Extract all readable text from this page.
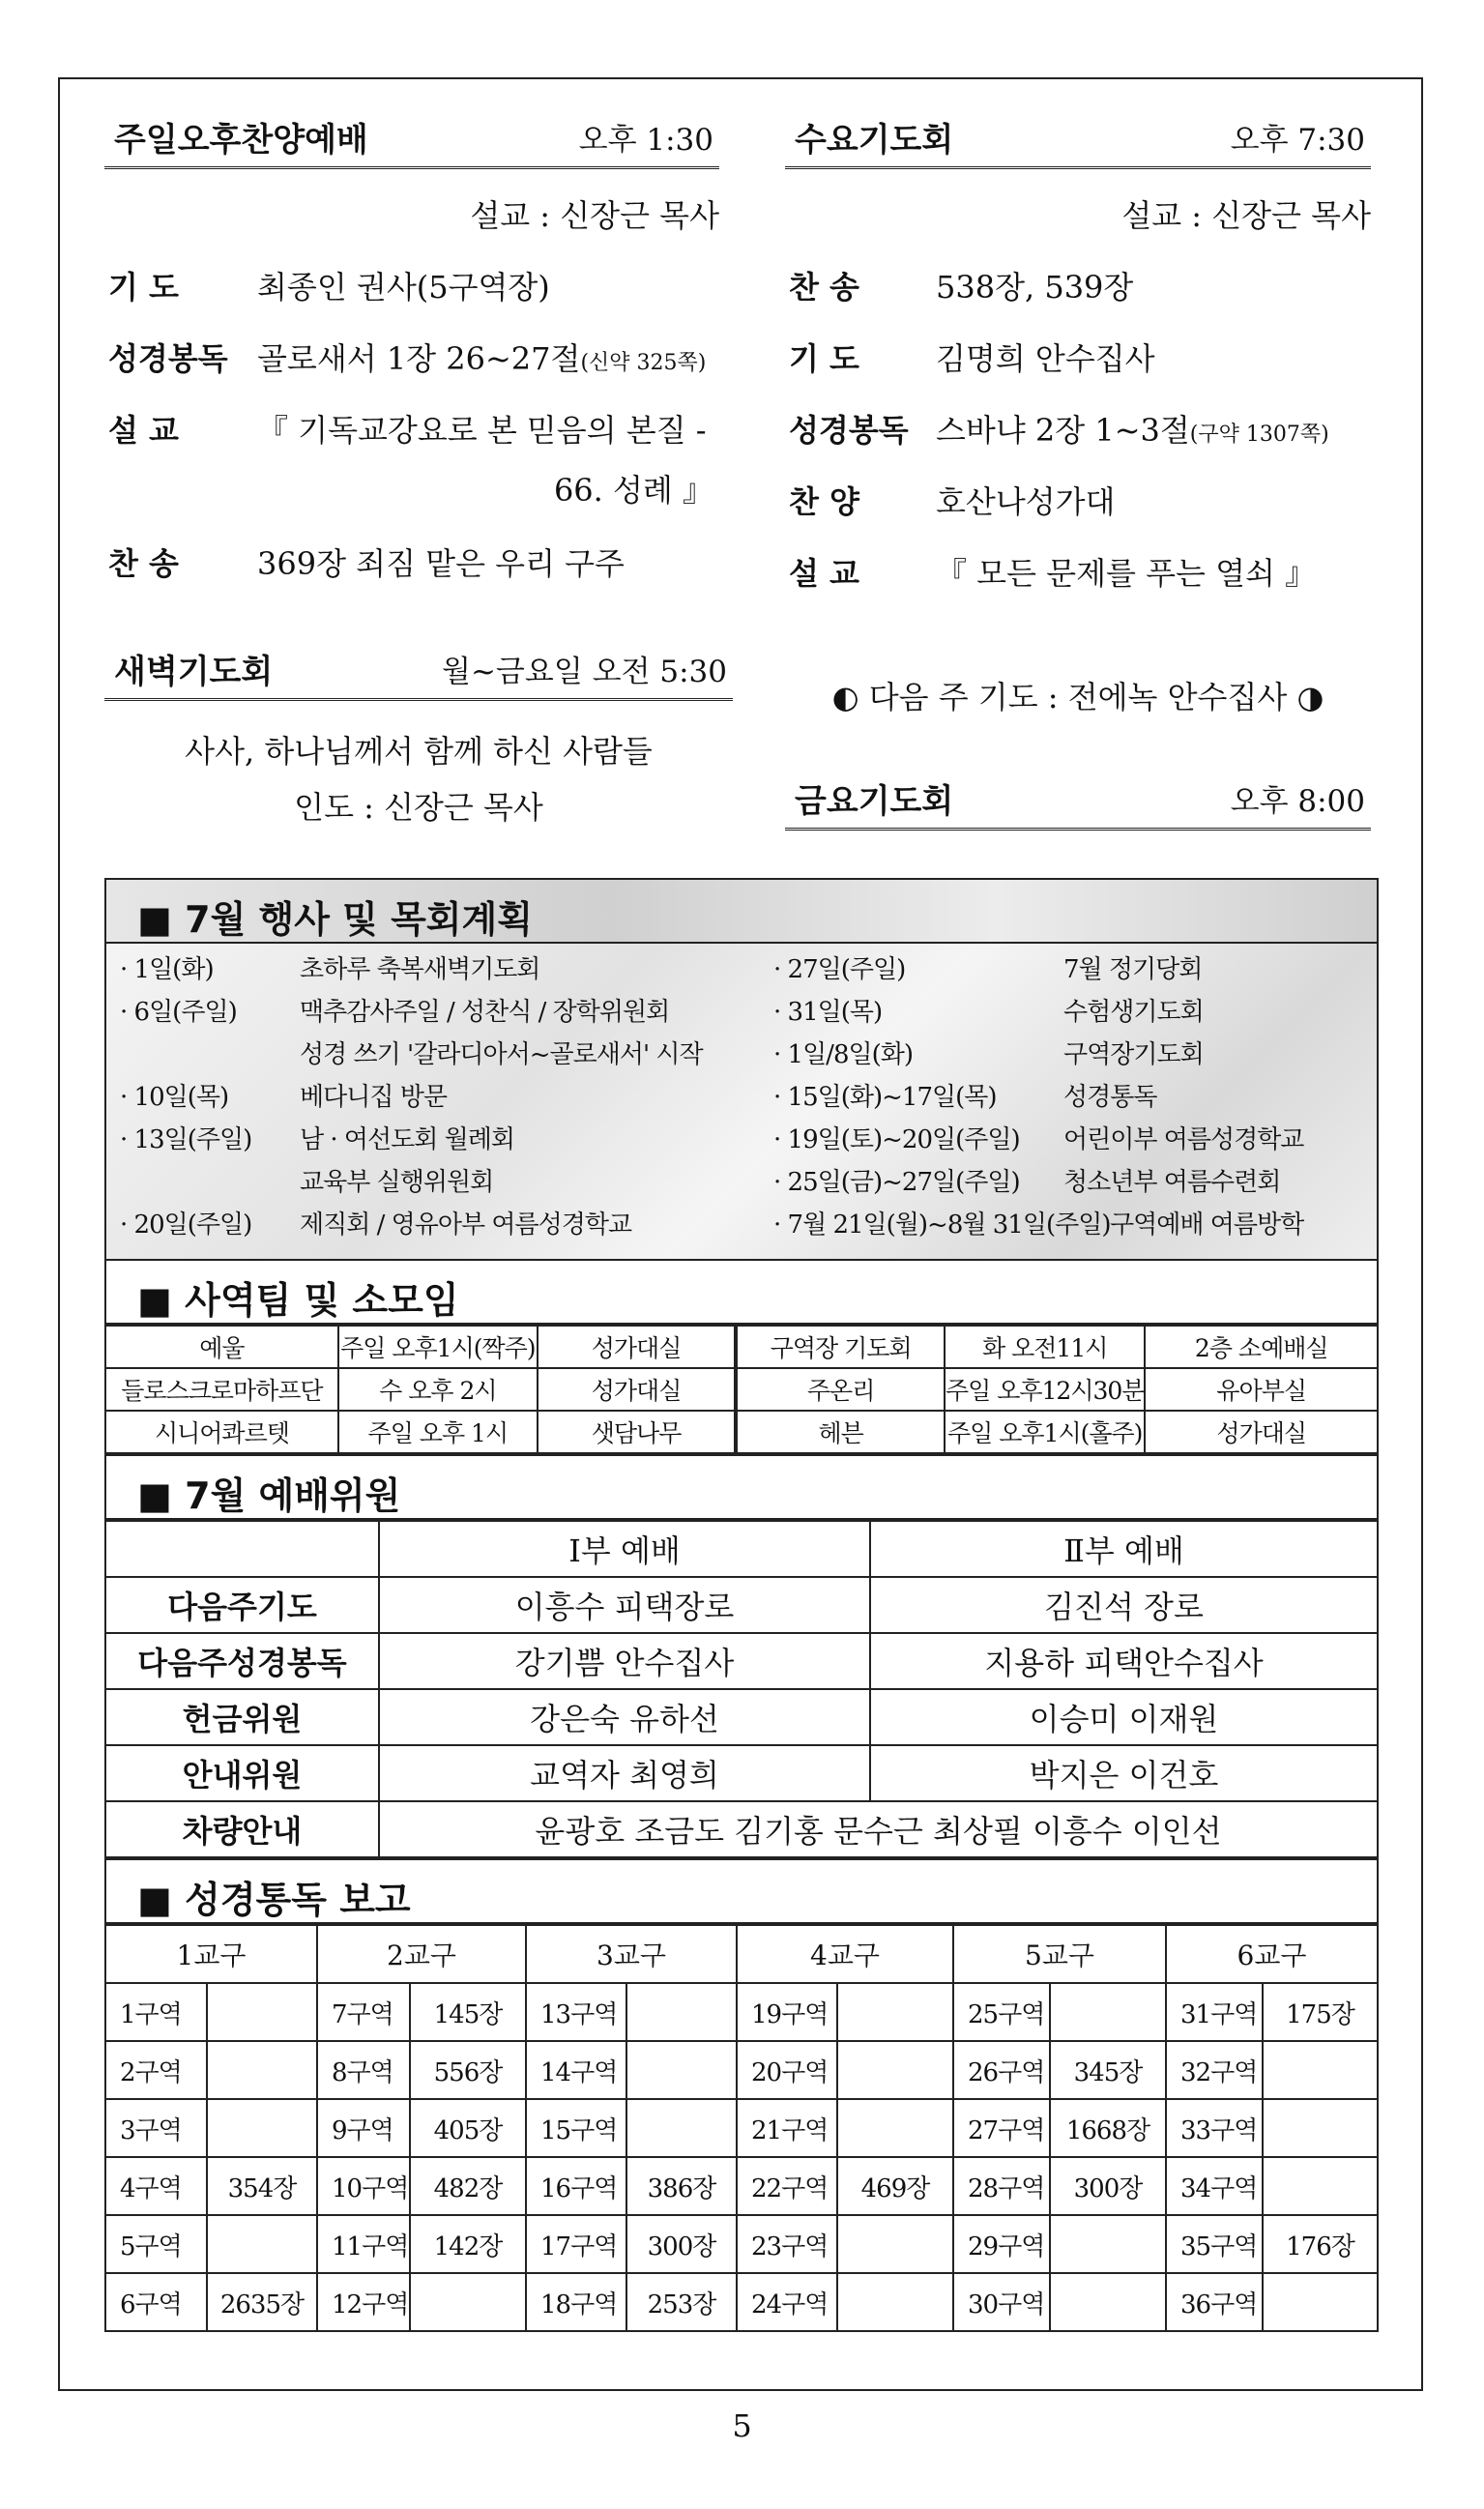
주일오후찬양예배	오후 1:30
설교 : 신장근 목사
기 도	최종인 권사(5구역장)
성경봉독 골로새서 1장 26~27절(신약 325쪽)
설 교	『 기독교강요로 본 믿음의 본질 -
66. 성례 』
찬 송	369장 죄짐 맡은 우리 구주
수요기도회	오후 7:30
설교 : 신장근 목사
찬 송 538장, 539장
기 도 김명희 안수집사
성경봉독 스바냐 2장 1~3절(구약 1307쪽)
찬 양 호산나성가대
설 교 『 모든 문제를 푸는 열쇠 』
새벽기도회	월~금요일 오전 5:30
사사, 하나님께서 함께 하신 사람들
인도 : 신장근 목사
◐ 다음 주 기도 : 전에녹 안수집사 ◑
금요기도회	오후 8:00
■ 7월 행사 및 목회계획
· 1일(화)	초하루 축복새벽기도회
· 6일(주일)	맥추감사주일 / 성찬식 / 장학위원회
성경 쓰기 '갈라디아서~골로새서' 시작
· 10일(목)	베다니집 방문
· 13일(주일) 남 · 여선도회 월례회
교육부 실행위원회
· 20일(주일) 제직회 / 영유아부 여름성경학교
· 27일(주일)	7월 정기당회
· 31일(목)	수험생기도회
· 1일/8일(화)	구역장기도회
· 15일(화)~17일(목)	성경통독
· 19일(토)~20일(주일) 어린이부 여름성경학교
· 25일(금)~27일(주일) 청소년부 여름수련회
· 7월 21일(월)~8월 31일(주일) 구역예배 여름방학
■ 사역팀 및 소모임
예울	주일 오후1시(짝주)	성가대실	구역장 기도회	화 오전11시	2층 소예배실
들로스크로마하프단	수 오후 2시	성가대실	주온리	주일 오후12시30분	유아부실
시니어콰르텟	주일 오후 1시	샛담나무	헤븐	주일 오후1시(홀주)	성가대실
■ 7월 예배위원
	Ⅰ부 예배	Ⅱ부 예배
다음주기도	이흥수 피택장로	김진석 장로
다음주성경봉독	강기쁨 안수집사	지용하 피택안수집사
헌금위원	강은숙 유하선	이승미 이재원
안내위원	교역자 최영희	박지은 이건호
차량안내	윤광호 조금도 김기홍 문수근 최상필 이흥수 이인선	
■ 성경통독 보고
1교구		2교구		3교구		4교구		5교구		6교구	
1구역		7구역	145장	13구역		19구역		25구역		31구역	175장
2구역		8구역	556장	14구역		20구역		26구역	345장	32구역	
3구역		9구역	405장	15구역		21구역		27구역	1668장	33구역	
4구역	354장	10구역	482장	16구역	386장	22구역	469장	28구역	300장	34구역	
5구역		11구역	142장	17구역	300장	23구역		29구역		35구역	176장
6구역	2635장	12구역		18구역	253장	24구역		30구역		36구역	
5
